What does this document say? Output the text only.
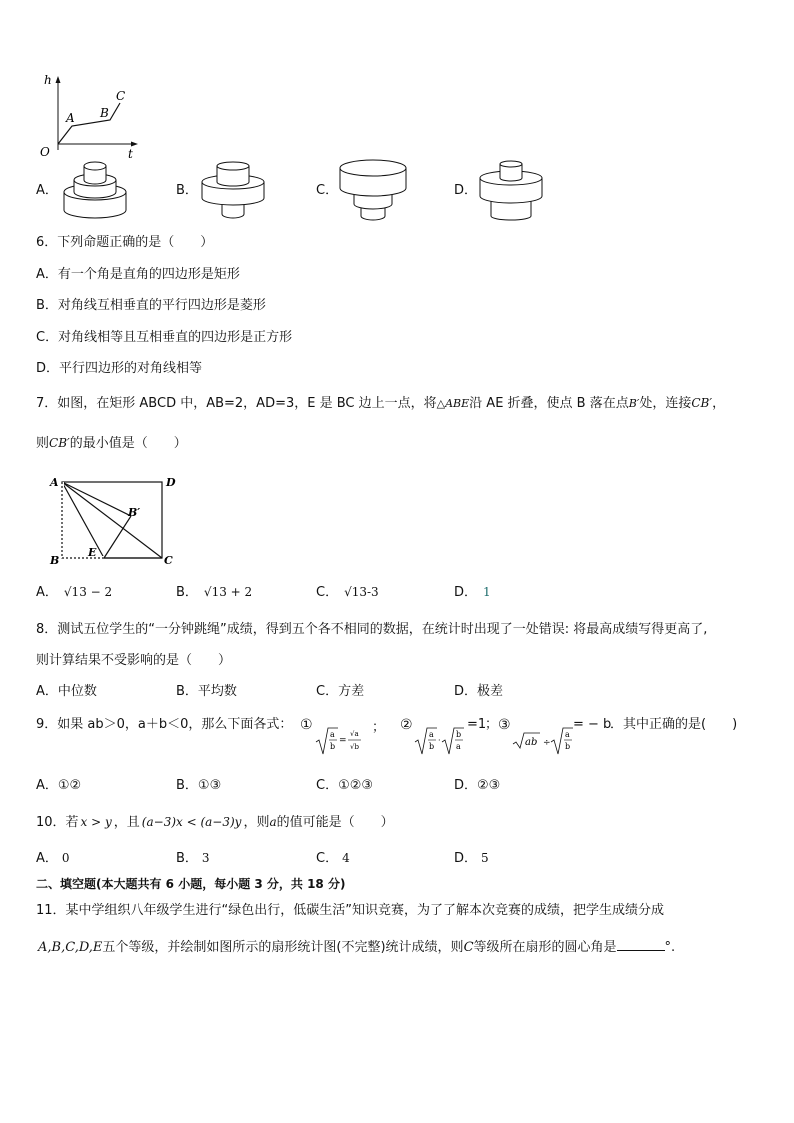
h
O	t
A B
C
A．	B．	C．	D．
6．下列命题正确的是（　　）
A．有一个角是直角的四边形是矩形
B．对角线互相垂直的平行四边形是菱形
C．对角线相等且互相垂直的四边形是正方形
D．平行四边形的对角线相等
7．如图，在矩形 ABCD 中，AB=2，AD=3，E 是 BC 边上一点，将△ABE沿 AE 折叠，使点 B 落在点B′处，连接CB′，
则CB′的最小值是（　　）
A	D
B	C
E
B′
A． √13 − 2	B． √13 + 2	C． √13-3	D． 1
8．测试五位学生的“一分钟跳绳”成绩，得到五个各不相同的数据，在统计时出现了一处错误: 将最高成绩写得更高了,
则计算结果不受影响的是（　　）
A．中位数	B．平均数	C．方差	D．极差
9．如果 ab＞0，a＋b＜0，那么下面各式： ①
a
b
=
√a
√b
； ②
a
b
·
b
a
=1
； ③
ab ÷
a
b
= − b
．其中正确的是(　　)
A．①②	B．①③	C．①②③	D．②③
10．若 x > y ，且 (a−3)x < (a−3)y ，则a的值可能是（　　）
A． 0	B． 3	C． 4	D． 5
二、填空题(本大题共有 6 小题，每小题 3 分，共 18 分)
11．某中学组织八年级学生进行“绿色出行，低碳生活”知识竞赛，为了了解本次竞赛的成绩，把学生成绩分成
A,B,C,D,E五个等级，并绘制如图所示的扇形统计图(不完整)统计成绩，则C等级所在扇形的圆心角是	°.
